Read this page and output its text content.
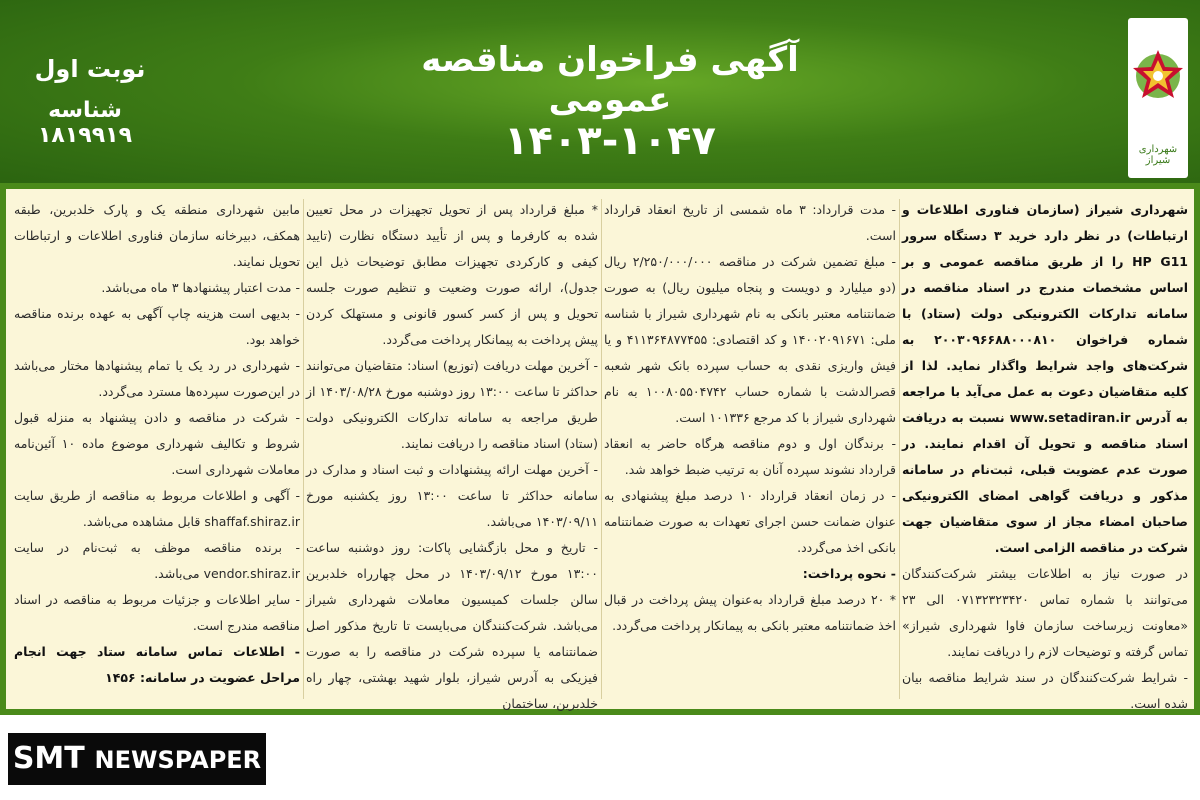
شهرداری شیراز
آگهی فراخوان مناقصه عمومی
۱۴۰۳-۱۰۴۷
نوبت اول
شناسه ۱۸۱۹۹۱۹

شهرداری شیراز (سازمان فناوری اطلاعات و ارتباطات) در نظر دارد خرید ۳ دستگاه سرور HP G11 را از طریق مناقصه عمومی و بر اساس مشخصات مندرج در اسناد مناقصه در سامانه تدارکات الکترونیکی دولت (ستاد) با شماره فراخوان ۲۰۰۳۰۹۶۶۸۸۰۰۰۸۱۰ به شرکت‌های واجد شرایط واگذار نماید. لذا از کلیه متقاضیان دعوت به عمل می‌آید با مراجعه به آدرس www.setadiran.ir نسبت به دریافت اسناد مناقصه و تحویل آن اقدام نمایند. در صورت عدم عضویت قبلی، ثبت‌نام در سامانه مذکور و دریافت گواهی امضای الکترونیکی صاحبان امضاء مجاز از سوی متقاضیان جهت شرکت در مناقصه الزامی است.

در صورت نیاز به اطلاعات بیشتر شرکت‌کنندگان می‌توانند با شماره تماس ۰۷۱۳۲۳۲۳۴۲۰ الی ۲۳ «معاونت زیرساخت سازمان فاوا شهرداری شیراز» تماس گرفته و توضیحات لازم را دریافت نمایند.

- شرایط شرکت‌کنندگان در سند شرایط مناقصه بیان شده است.

- مدت قرارداد: ۳ ماه شمسی از تاریخ انعقاد قرارداد است.

- مبلغ تضمین شرکت در مناقصه ۲/۲۵۰/۰۰۰/۰۰۰ ریال (دو میلیارد و دویست و پنجاه میلیون ریال) به صورت ضمانتنامه معتبر بانکی به نام شهرداری شیراز با شناسه ملی: ۱۴۰۰۲۰۹۱۶۷۱ و کد اقتصادی: ۴۱۱۳۶۴۸۷۷۴۵۵ و یا فیش واریزی نقدی به حساب سپرده بانک شهر شعبه قصرالدشت با شماره حساب ۱۰۰۸۰۵۵۰۴۷۴۲ به نام شهرداری شیراز با کد مرجع ۱۰۱۳۳۶ است.

- برندگان اول و دوم مناقصه هرگاه حاضر به انعقاد قرارداد نشوند سپرده آنان به ترتیب ضبط خواهد شد.

- در زمان انعقاد قرارداد ۱۰ درصد مبلغ پیشنهادی به عنوان ضمانت حسن اجرای تعهدات به صورت ضمانتنامه بانکی اخذ می‌گردد.

- نحوه پرداخت:

* ۲۰ درصد مبلغ قرارداد به‌عنوان پیش پرداخت در قبال اخذ ضمانتنامه معتبر بانکی به پیمانکار پرداخت می‌گردد.

* مبلغ قرارداد پس از تحویل تجهیزات در محل تعیین شده به کارفرما و پس از تأیید دستگاه نظارت (تایید کیفی و کارکردی تجهیزات مطابق توضیحات ذیل این جدول)، ارائه صورت وضعیت و تنظیم صورت جلسه تحویل و پس از کسر کسور قانونی و مستهلک کردن پیش پرداخت به پیمانکار پرداخت می‌گردد.

- آخرین مهلت دریافت (توزیع) اسناد: متقاضیان می‌توانند حداکثر تا ساعت ۱۳:۰۰ روز دوشنبه مورخ ۱۴۰۳/۰۸/۲۸ از طریق مراجعه به سامانه تدارکات الکترونیکی دولت (ستاد) اسناد مناقصه را دریافت نمایند.

- آخرین مهلت ارائه پیشنهادات و ثبت اسناد و مدارک در سامانه حداکثر تا ساعت ۱۳:۰۰ روز یکشنبه مورخ ۱۴۰۳/۰۹/۱۱ می‌باشد.

- تاریخ و محل بازگشایی پاکات: روز دوشنبه ساعت ۱۳:۰۰ مورخ ۱۴۰۳/۰۹/۱۲ در محل چهارراه خلدبرین سالن جلسات کمیسیون معاملات شهرداری شیراز می‌باشد. شرکت‌کنندگان می‌بایست تا تاریخ مذکور اصل ضمانتنامه یا سپرده شرکت در مناقصه را به صورت فیزیکی به آدرس شیراز، بلوار شهید بهشتی، چهار راه خلدبرین، ساختمان

مابین شهرداری منطقه یک و پارک خلدبرین، طبقه همکف، دبیرخانه سازمان فناوری اطلاعات و ارتباطات تحویل نمایند.

- مدت اعتبار پیشنهادها ۳ ماه می‌باشد.

- بدیهی است هزینه چاپ آگهی به عهده برنده مناقصه خواهد بود.

- شهرداری در رد یک یا تمام پیشنهادها مختار می‌باشد در این‌صورت سپرده‌ها مسترد می‌گردد.

- شرکت در مناقصه و دادن پیشنهاد به منزله قبول شروط و تکالیف شهرداری موضوع ماده ۱۰ آئین‌نامه معاملات شهرداری است.

- آگهی و اطلاعات مربوط به مناقصه از طریق سایت shaffaf.shiraz.ir قابل مشاهده می‌باشد.

- برنده مناقصه موظف به ثبت‌نام در سایت vendor.shiraz.ir می‌باشد.

- سایر اطلاعات و جزئیات مربوط به مناقصه در اسناد مناقصه مندرج است.

- اطلاعات تماس سامانه ستاد جهت انجام مراحل عضویت در سامانه: ۱۴۵۶

SMT NEWSPAPER
